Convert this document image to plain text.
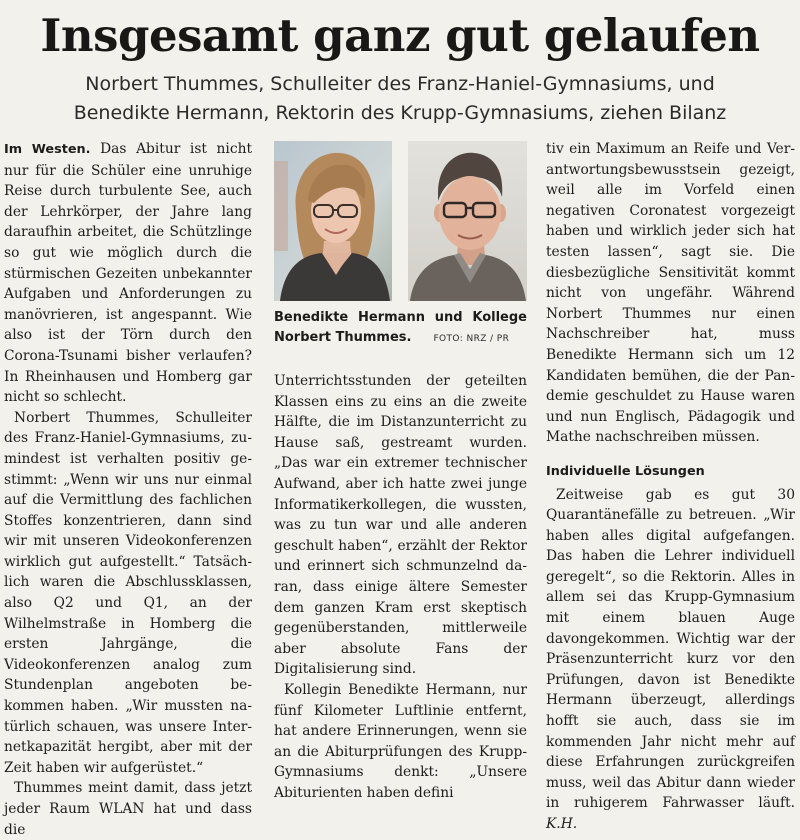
Insgesamt ganz gut gelaufen
Norbert Thummes, Schulleiter des Franz-Haniel-Gymnasiums, und
Benedikte Hermann, Rektorin des Krupp-Gymnasiums, ziehen Bilanz

Im Westen. Das Abitur ist nicht nur für die Schüler eine unruhige Reise durch turbulente See, auch der Lehrkörper, der Jahre lang daraufhin arbeitet, die Schützlinge so gut wie möglich durch die stürmischen Gezeiten unbekannter Aufgaben und Anforderungen zu manövrieren, ist angespannt. Wie also ist der Törn durch den Corona-Tsunami bisher verlaufen? In Rheinhausen und Homberg gar nicht so schlecht.

Norbert Thummes, Schulleiter des Franz-Haniel-Gymnasiums, zumindest ist verhalten positiv gestimmt: „Wenn wir uns nur einmal auf die Vermittlung des fachlichen Stoffes konzentrieren, dann sind wir mit unseren Videokonferenzen wirklich gut aufgestellt.“ Tatsächlich waren die Abschlussklassen, also Q2 und Q1, an der Wilhelmstraße in Homberg die ersten Jahrgänge, die Videokonferenzen analog zum Stundenplan angeboten bekommen haben. „Wir mussten natürlich schauen, was unsere Internetkapazität hergibt, aber mit der Zeit haben wir aufgerüstet.“

Thummes meint damit, dass jetzt jeder Raum WLAN hat und dass die

Benedikte Hermann und Kollege
Norbert Thummes. FOTO: NRZ / PR

Unterrichtsstunden der geteilten Klassen eins zu eins an die zweite Hälfte, die im Distanzunterricht zu Hause saß, gestreamt wurden. „Das war ein extremer technischer Aufwand, aber ich hatte zwei junge Informatikerkollegen, die wussten, was zu tun war und alle anderen geschult haben“, erzählt der Rektor und erinnert sich schmunzelnd daran, dass einige ältere Semester dem ganzen Kram erst skeptisch gegenüberstanden, mittlerweile aber absolute Fans der Digitalisierung sind.

Kollegin Benedikte Hermann, nur fünf Kilometer Luftlinie entfernt, hat andere Erinnerungen, wenn sie an die Abiturprüfungen des Krupp-Gymnasiums denkt: „Unsere Abiturienten haben defini

tiv ein Maximum an Reife und Verantwortungsbewusstsein gezeigt, weil alle im Vorfeld einen negativen Coronatest vorgezeigt haben und wirklich jeder sich hat testen lassen“, sagt sie. Die diesbezügliche Sensitivität kommt nicht von ungefähr. Während Norbert Thummes nur einen Nachschreiber hat, muss Benedikte Hermann sich um 12 Kandidaten bemühen, die der Pandemie geschuldet zu Hause waren und nun Englisch, Pädagogik und Mathe nachschreiben müssen.

Individuelle Lösungen

Zeitweise gab es gut 30 Quarantänefälle zu betreuen. „Wir haben alles digital aufgefangen. Das haben die Lehrer individuell geregelt“, so die Rektorin. Alles in allem sei das Krupp-Gymnasium mit einem blauen Auge davongekommen. Wichtig war der Präsenzunterricht kurz vor den Prüfungen, davon ist Benedikte Hermann überzeugt, allerdings hofft sie auch, dass sie im kommenden Jahr nicht mehr auf diese Erfahrungen zurückgreifen muss, weil das Abitur dann wieder in ruhigerem Fahrwasser läuft. K.H.
